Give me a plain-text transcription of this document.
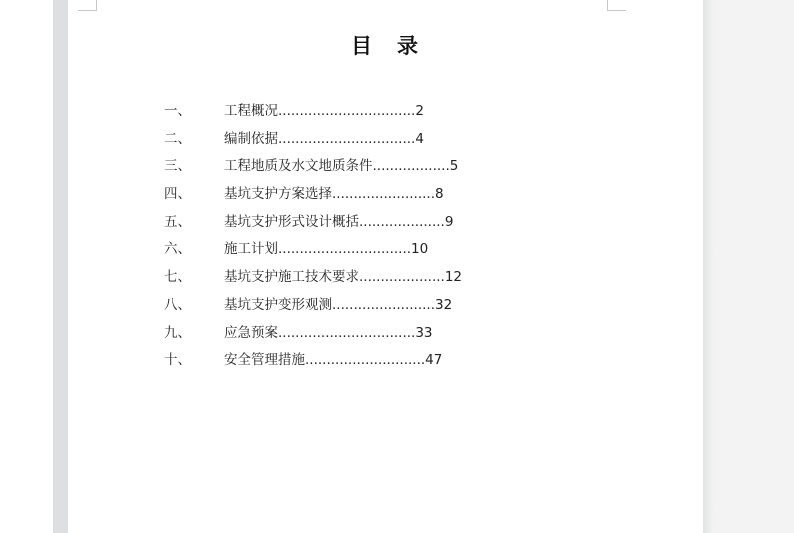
目　录
一、 工程概况................................2
二、 编制依据................................4
三、 工程地质及水文地质条件..................5
四、 基坑支护方案选择........................8
五、 基坑支护形式设计概括....................9
六、 施工计划...............................10
七、 基坑支护施工技术要求....................12
八、 基坑支护变形观测........................32
九、 应急预案................................33
十、 安全管理措施............................47
